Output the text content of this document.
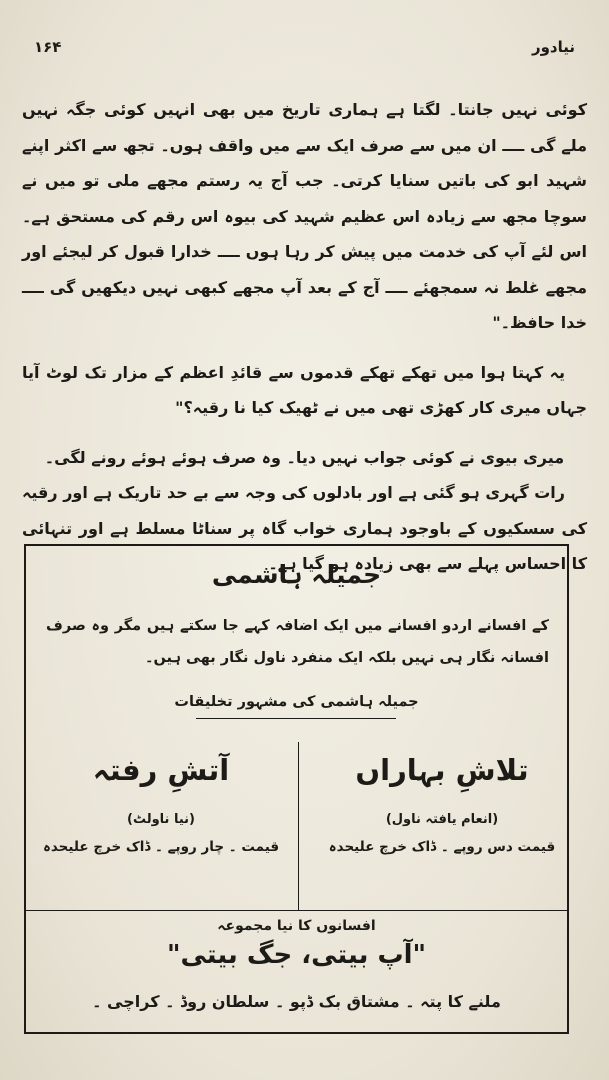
۱۶۴	نیادور

کوئی نہیں جانتا۔ لگتا ہے ہماری تاریخ میں بھی انہیں کوئی جگہ نہیں ملے گی ــــ ان میں سے صرف ایک سے میں واقف ہوں۔ تجھ سے اکثر اپنے شہید ابو کی باتیں سنایا کرتی۔ جب آج یہ رستم مجھے ملی تو میں نے سوچا مجھ سے زیادہ اس عظیم شہید کی بیوہ اس رقم کی مستحق ہے۔ اس لئے آپ کی خدمت میں پیش کر رہا ہوں ــــ خدارا قبول کر لیجئے اور مجھے غلط نہ سمجھئے ــــ آج کے بعد آپ مجھے کبھی نہیں دیکھیں گی ــــ خدا حافظ۔"

یہ کہتا ہوا میں تھکے تھکے قدموں سے قائدِ اعظم کے مزار تک لوٹ آیا جہاں میری کار کھڑی تھی میں نے ٹھیک کیا نا رقیہ؟"

میری بیوی نے کوئی جواب نہیں دیا۔ وہ صرف ہوئے ہوئے رونے لگی۔

رات گہری ہو گئی ہے اور بادلوں کی وجہ سے بے حد تاریک ہے اور رقیہ کی سسکیوں کے باوجود ہماری خواب گاہ پر سناٹا مسلط ہے اور تنہائی کا احساس پہلے سے بھی زیادہ ہو گیا ہے۔

جمیلہ ہاشمی
کے افسانے اردو افسانے میں ایک اضافہ کہے جا سکتے ہیں مگر وہ صرف افسانہ نگار ہی نہیں بلکہ ایک منفرد ناول نگار بھی ہیں۔
جمیلہ ہاشمی کی مشہور تخلیقات
تلاشِ بہاراں
(انعام یافتہ ناول)
قیمت دس روپے ۔ ڈاک خرچ علیحدہ
آتشِ رفتہ
(نیا ناولٹ)
قیمت ۔ چار روپے ۔ ڈاک خرچ علیحدہ
افسانوں کا نیا مجموعہ
"آپ بیتی، جگ بیتی"
ملنے کا پتہ ۔ مشتاق بک ڈپو ۔ سلطان روڈ ۔ کراچی ۔
